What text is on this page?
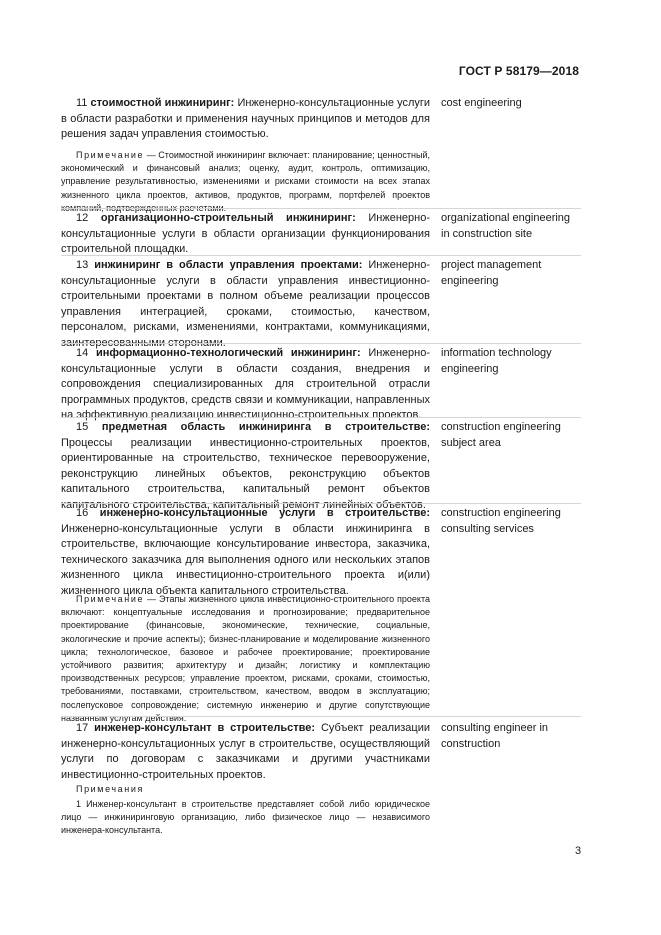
ГОСТ Р 58179—2018

11 стоимостной инжиниринг: Инженерно-консультационные услуги в области разработки и применения научных принципов и методов для решения задач управления стоимостью.

cost engineering

Примечание — Стоимостной инжиниринг включает: планирование; ценностный, экономический и финансовый анализ; оценку, аудит, контроль, оптимизацию, управление результативностью, изменениями и рисками стоимости на всех этапах жизненного цикла проектов, активов, продуктов, программ, портфелей проектов компаний, подтвержденных расчетами.

12 организационно-строительный инжиниринг: Инженерно-консультационные услуги в области организации функционирования строительной площадки.

organizational engineering in construction site

13 инжиниринг в области управления проектами: Инженерно-консультационные услуги в области управления инвестиционно-строительными проектами в полном объеме реализации процессов управления интеграцией, сроками, стоимостью, качеством, персоналом, рисками, изменениями, контрактами, коммуникациями, заинтересованными сторонами.

project management engineering

14 информационно-технологический инжиниринг: Инженерно-консультационные услуги в области создания, внедрения и сопровождения специализированных для строительной отрасли программных продуктов, средств связи и коммуникации, направленных на эффективную реализацию инвестиционно-строительных проектов.

information technology engineering

15 предметная область инжиниринга в строительстве: Процессы реализации инвестиционно-строительных проектов, ориентированные на строительство, техническое перевооружение, реконструкцию линейных объектов, реконструкцию объектов капитального строительства, капитальный ремонт объектов капитального строительства, капитальный ремонт линейных объектов.

construction engineering subject area

16 инженерно-консультационные услуги в строительстве: Инженерно-консультационные услуги в области инжиниринга в строительстве, включающие консультирование инвестора, заказчика, технического заказчика для выполнения одного или нескольких этапов жизненного цикла инвестиционно-строительного проекта и(или) жизненного цикла объекта капитального строительства.

construction engineering consulting services

Примечание — Этапы жизненного цикла инвестиционно-строительного проекта включают: концептуальные исследования и прогнозирование; предварительное проектирование (финансовые, экономические, технические, социальные, экологические и прочие аспекты); бизнес-планирование и моделирование жизненного цикла; технологическое, базовое и рабочее проектирование; проектирование устойчивого развития; архитектуру и дизайн; логистику и комплектацию производственных ресурсов; управление проектом, рисками, сроками, стоимостью, требованиями, поставками, строительством, качеством, вводом в эксплуатацию; послепусковое сопровождение; системную инженерию и другие сопутствующие названным услугам действия.

17 инженер-консультант в строительстве: Субъект реализации инженерно-консультационных услуг в строительстве, осуществляющий услуги по договорам с заказчиками и другими участниками инвестиционно-строительных проектов.

consulting engineer in construction

Примечания

1 Инженер-консультант в строительстве представляет собой либо юридическое лицо — инжиниринговую организацию, либо физическое лицо — независимого инженера-консультанта.

3
